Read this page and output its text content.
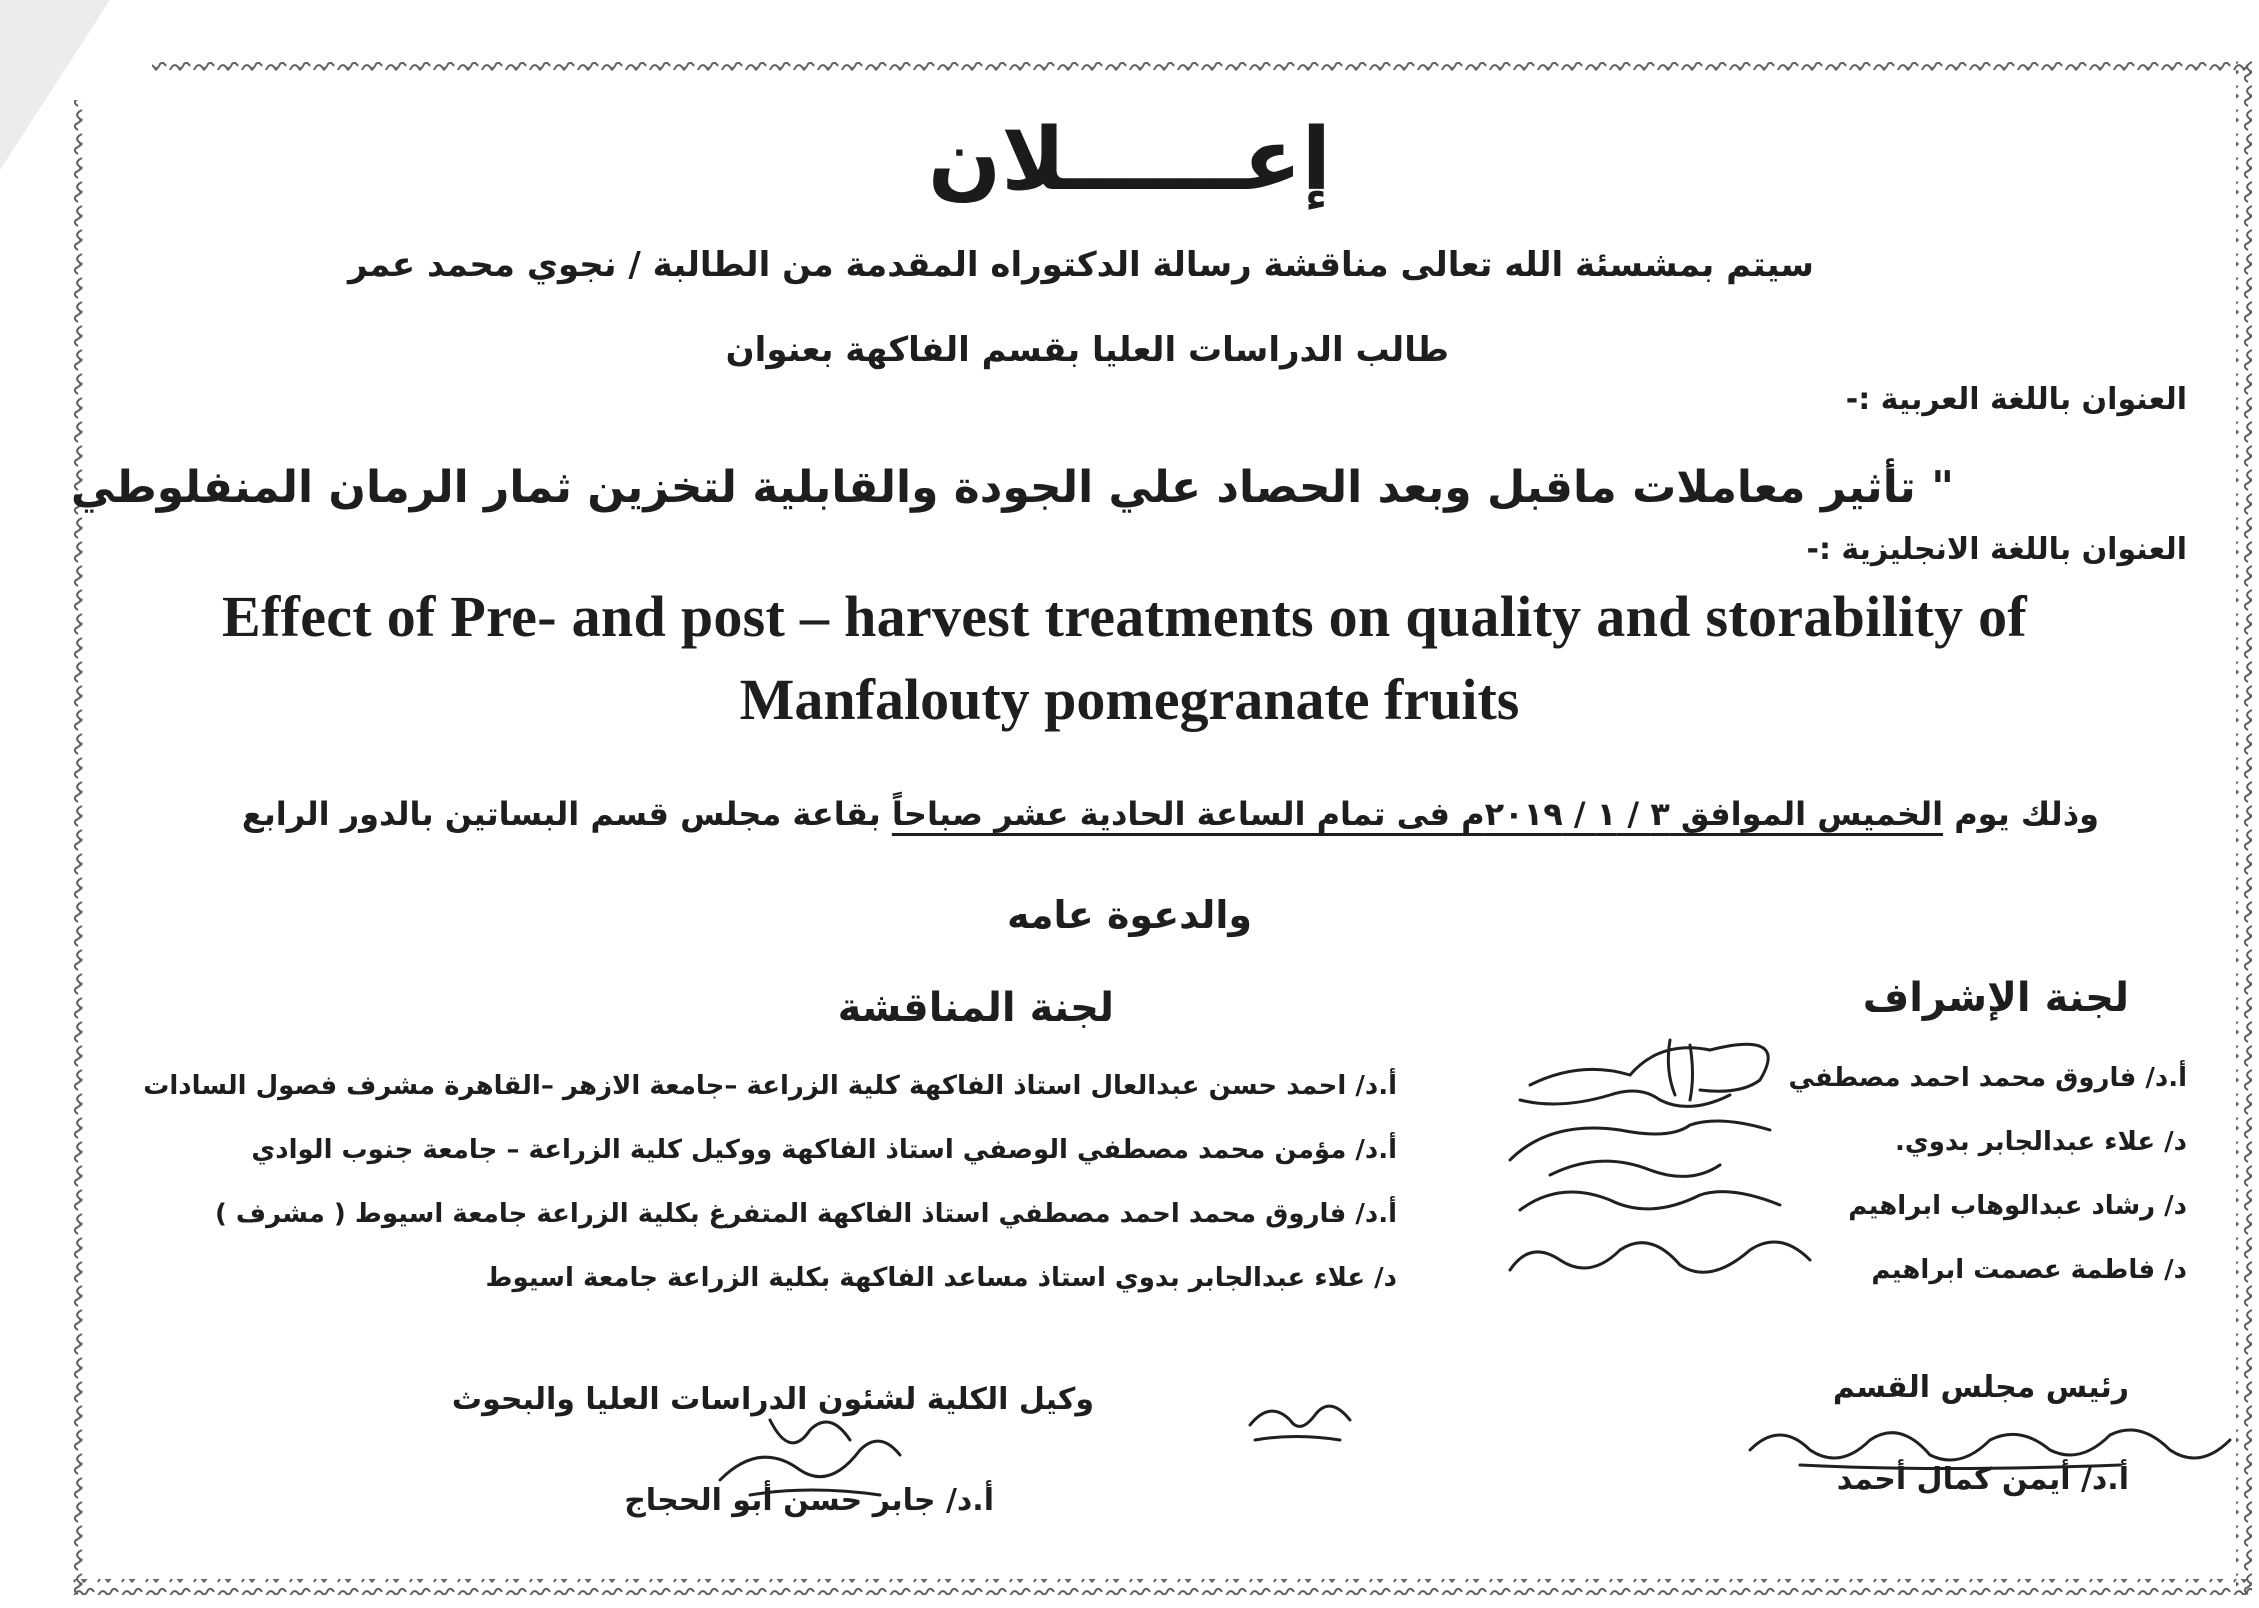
إعــــــلان
سيتم بمشسئة الله تعالى مناقشة رسالة الدكتوراه المقدمة من الطالبة / نجوي محمد عمر
طالب الدراسات العليا بقسم الفاكهة بعنوان
العنوان باللغة العربية :-
" تأثير معاملات ماقبل وبعد الحصاد علي الجودة والقابلية لتخزين ثمار الرمان المنفلوطي
العنوان باللغة الانجليزية :-
Effect of Pre- and post – harvest treatments on quality and storability of
Manfalouty pomegranate fruits
وذلك يوم الخميس الموافق ٣ / ١ / ٢٠١٩م فى تمام الساعة الحادية عشر صباحاً بقاعة مجلس قسم البساتين بالدور الرابع
والدعوة عامه
لجنة الإشراف
لجنة المناقشة
أ.د/ احمد حسن عبدالعال استاذ الفاكهة كلية الزراعة –جامعة الازهر –القاهرة مشرف فصول السادات
أ.د/ مؤمن محمد مصطفي الوصفي استاذ الفاكهة ووكيل كلية الزراعة – جامعة جنوب الوادي
أ.د/ فاروق محمد احمد مصطفي استاذ الفاكهة المتفرغ بكلية الزراعة جامعة اسيوط ( مشرف )
د/ علاء عبدالجابر بدوي استاذ مساعد الفاكهة بكلية الزراعة جامعة اسيوط
أ.د/ فاروق محمد احمد مصطفي
د/ علاء عبدالجابر بدوي.
د/ رشاد عبدالوهاب ابراهيم
د/ فاطمة عصمت ابراهيم
وكيل الكلية لشئون الدراسات العليا والبحوث
أ.د/ جابر حسن أبو الحجاج
رئيس مجلس القسم
أ.د/ أيمن كمال أحمد
